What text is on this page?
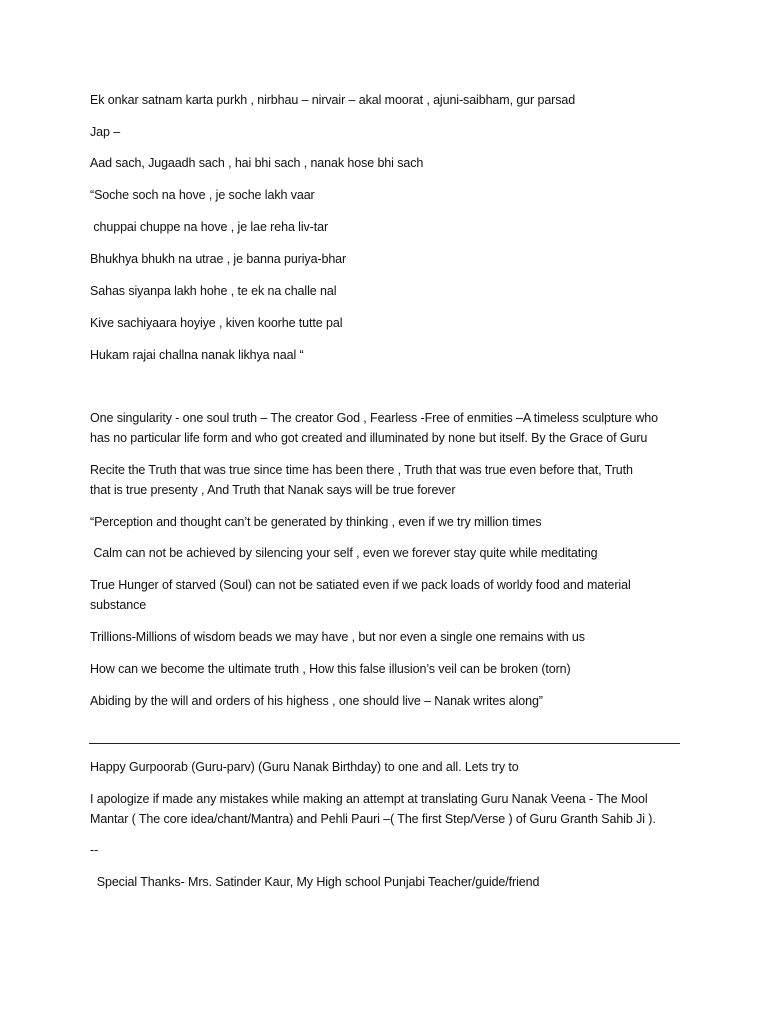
Ek onkar satnam karta purkh , nirbhau – nirvair – akal moorat , ajuni-saibham, gur parsad
Jap –
Aad sach, Jugaadh sach , hai bhi sach , nanak hose bhi sach
“Soche soch na hove , je soche lakh vaar
chuppai chuppe na hove , je lae reha liv-tar
Bhukhya bhukh na utrae , je banna puriya-bhar
Sahas siyanpa lakh hohe , te ek na challe nal
Kive sachiyaara hoyiye , kiven koorhe tutte pal
Hukam rajai challna nanak likhya naal “
One singularity - one soul truth – The creator God , Fearless -Free of enmities –A timeless sculpture who
has no particular life form and who got created and illuminated by none but itself. By the Grace of Guru
Recite the Truth that was true since time has been there , Truth that was true even before that, Truth
that is true presenty , And Truth that Nanak says will be true forever
“Perception and thought can’t be generated by thinking , even if we try million times
Calm can not be achieved by silencing your self , even we forever stay quite while meditating
True Hunger of starved (Soul) can not be satiated even if we pack loads of worldy food and material
substance
Trillions-Millions of wisdom beads we may have , but nor even a single one remains with us
How can we become the ultimate truth , How this false illusion’s veil can be broken (torn)
Abiding by the will and orders of his highess , one should live – Nanak writes along”
Happy Gurpoorab (Guru-parv) (Guru Nanak Birthday) to one and all. Lets try to
I apologize if made any mistakes while making an attempt at translating Guru Nanak Veena - The Mool
Mantar ( The core idea/chant/Mantra) and Pehli Pauri –( The first Step/Verse ) of Guru Granth Sahib Ji ).
--
Special Thanks- Mrs. Satinder Kaur, My High school Punjabi Teacher/guide/friend
